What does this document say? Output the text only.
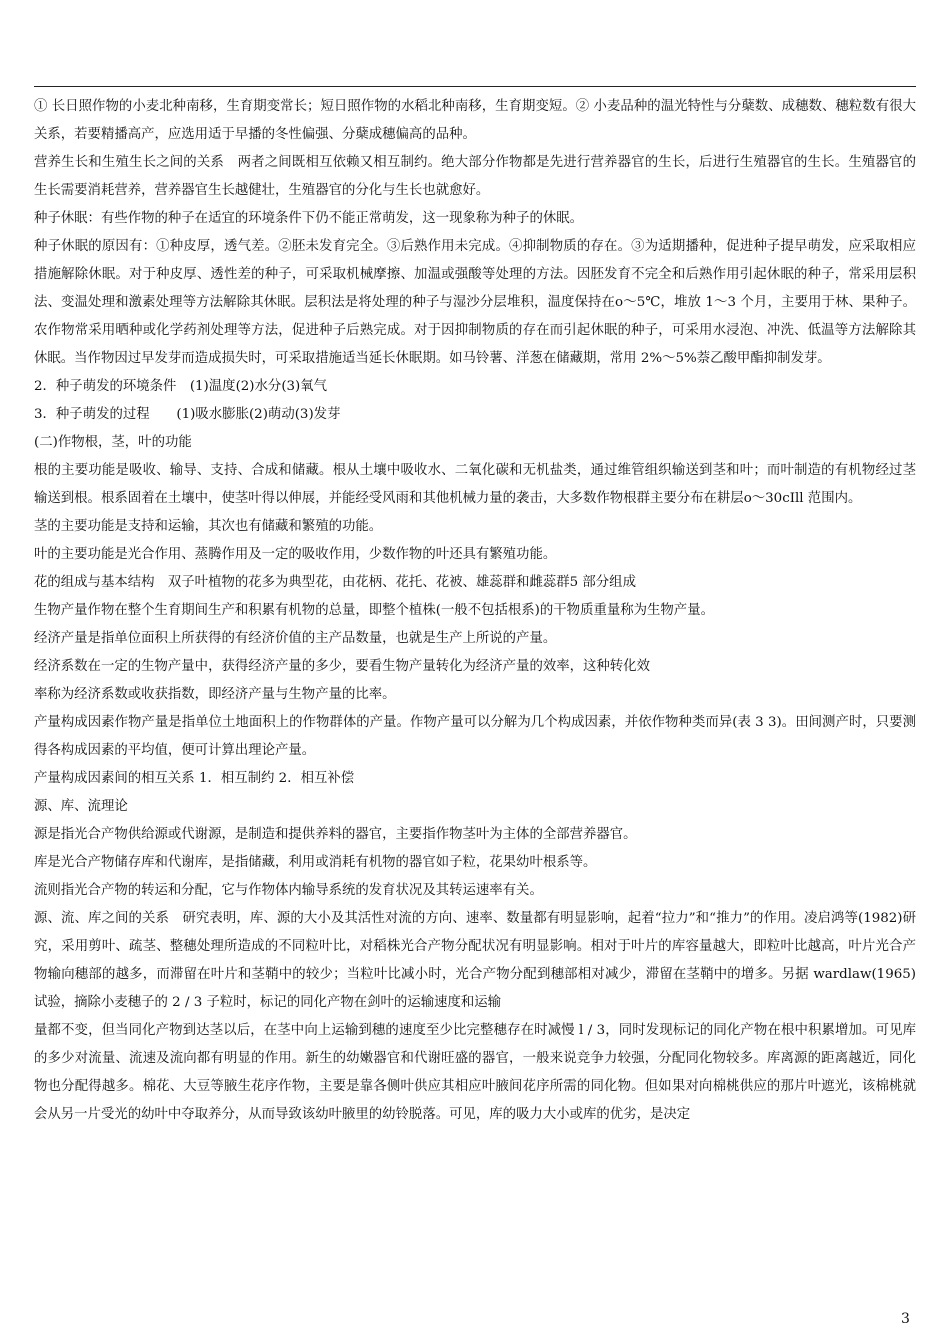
① 长日照作物的小麦北种南移，生育期变常长；短日照作物的水稻北种南移，生育期变短。② 小麦品种的温光特性与分蘖数、成穗数、穗粒数有很大关系，若要精播高产，应选用适于早播的冬性偏强、分蘖成穗偏高的品种。

营养生长和生殖生长之间的关系　两者之间既相互依赖又相互制约。绝大部分作物都是先进行营养器官的生长，后进行生殖器官的生长。生殖器官的生长需要消耗营养，营养器官生长越健壮，生殖器官的分化与生长也就愈好。

种子休眠：有些作物的种子在适宜的环境条件下仍不能正常萌发，这一现象称为种子的休眠。

种子休眠的原因有：①种皮厚，透气差。②胚未发育完全。③后熟作用未完成。④抑制物质的存在。③为适期播种，促进种子提早萌发，应采取相应措施解除休眠。对于种皮厚、透性差的种子，可采取机械摩擦、加温或强酸等处理的方法。因胚发育不完全和后熟作用引起休眠的种子，常采用层积法、变温处理和激素处理等方法解除其休眠。层积法是将处理的种子与湿沙分层堆积，温度保持在o～5℃，堆放 1～3 个月，主要用于林、果种子。农作物常采用晒种或化学药剂处理等方法，促进种子后熟完成。对于因抑制物质的存在而引起休眠的种子，可采用水浸泡、冲洗、低温等方法解除其休眠。当作物因过早发芽而造成损失时，可采取措施适当延长休眠期。如马铃薯、洋葱在储藏期，常用 2%～5%萘乙酸甲酯抑制发芽。

2．种子萌发的环境条件　(1)温度(2)水分(3)氧气

3．种子萌发的过程　　(1)吸水膨胀(2)萌动(3)发芽

(二)作物根，茎，叶的功能

根的主要功能是吸收、输导、支持、合成和储藏。根从土壤中吸收水、二氧化碳和无机盐类，通过维管组织输送到茎和叶；而叶制造的有机物经过茎输送到根。根系固着在土壤中，使茎叶得以伸展，并能经受风雨和其他机械力量的袭击，大多数作物根群主要分布在耕层o～30cIll 范围内。

茎的主要功能是支持和运输，其次也有储藏和繁殖的功能。

叶的主要功能是光合作用、蒸腾作用及一定的吸收作用，少数作物的叶还具有繁殖功能。

花的组成与基本结构　双子叶植物的花多为典型花，由花柄、花托、花被、雄蕊群和雌蕊群5 部分组成

生物产量作物在整个生育期间生产和积累有机物的总量，即整个植株(一般不包括根系)的干物质重量称为生物产量。

经济产量是指单位面积上所获得的有经济价值的主产品数量，也就是生产上所说的产量。

经济系数在一定的生物产量中，获得经济产量的多少，要看生物产量转化为经济产量的效率，这种转化效

率称为经济系数或收获指数，即经济产量与生物产量的比率。

产量构成因素作物产量是指单位土地面积上的作物群体的产量。作物产量可以分解为几个构成因素，并依作物种类而异(表 3 3)。田间测产时，只要测得各构成因素的平均值，便可计算出理论产量。

产量构成因素间的相互关系 1．相互制约 2．相互补偿

源、库、流理论

源是指光合产物供给源或代谢源，是制造和提供养料的器官，主要指作物茎叶为主体的全部营养器官。

库是光合产物储存库和代谢库，是指储藏，利用或消耗有机物的器官如子粒，花果幼叶根系等。

流则指光合产物的转运和分配，它与作物体内输导系统的发育状况及其转运速率有关。

源、流、库之间的关系　研究表明，库、源的大小及其活性对流的方向、速率、数量都有明显影响，起着“拉力”和“推力”的作用。凌启鸿等(1982)研究，采用剪叶、疏茎、整穗处理所造成的不同粒叶比，对稻株光合产物分配状况有明显影响。相对于叶片的库容量越大，即粒叶比越高，叶片光合产物输向穗部的越多，而滞留在叶片和茎鞘中的较少；当粒叶比减小时，光合产物分配到穗部相对减少，滞留在茎鞘中的增多。另据 wardlaw(1965)试验，摘除小麦穗子的 2 / 3 子粒时，标记的同化产物在剑叶的运输速度和运输

量都不变，但当同化产物到达茎以后，在茎中向上运输到穗的速度至少比完整穗存在时减慢 l / 3，同时发现标记的同化产物在根中积累增加。可见库的多少对流量、流速及流向都有明显的作用。新生的幼嫩器官和代谢旺盛的器官，一般来说竞争力较强，分配同化物较多。库离源的距离越近，同化物也分配得越多。棉花、大豆等腋生花序作物，主要是靠各侧叶供应其相应叶腋间花序所需的同化物。但如果对向棉桃供应的那片叶遮光，该棉桃就会从另一片受光的幼叶中夺取养分，从而导致该幼叶腋里的幼铃脱落。可见，库的吸力大小或库的优劣，是决定

3
